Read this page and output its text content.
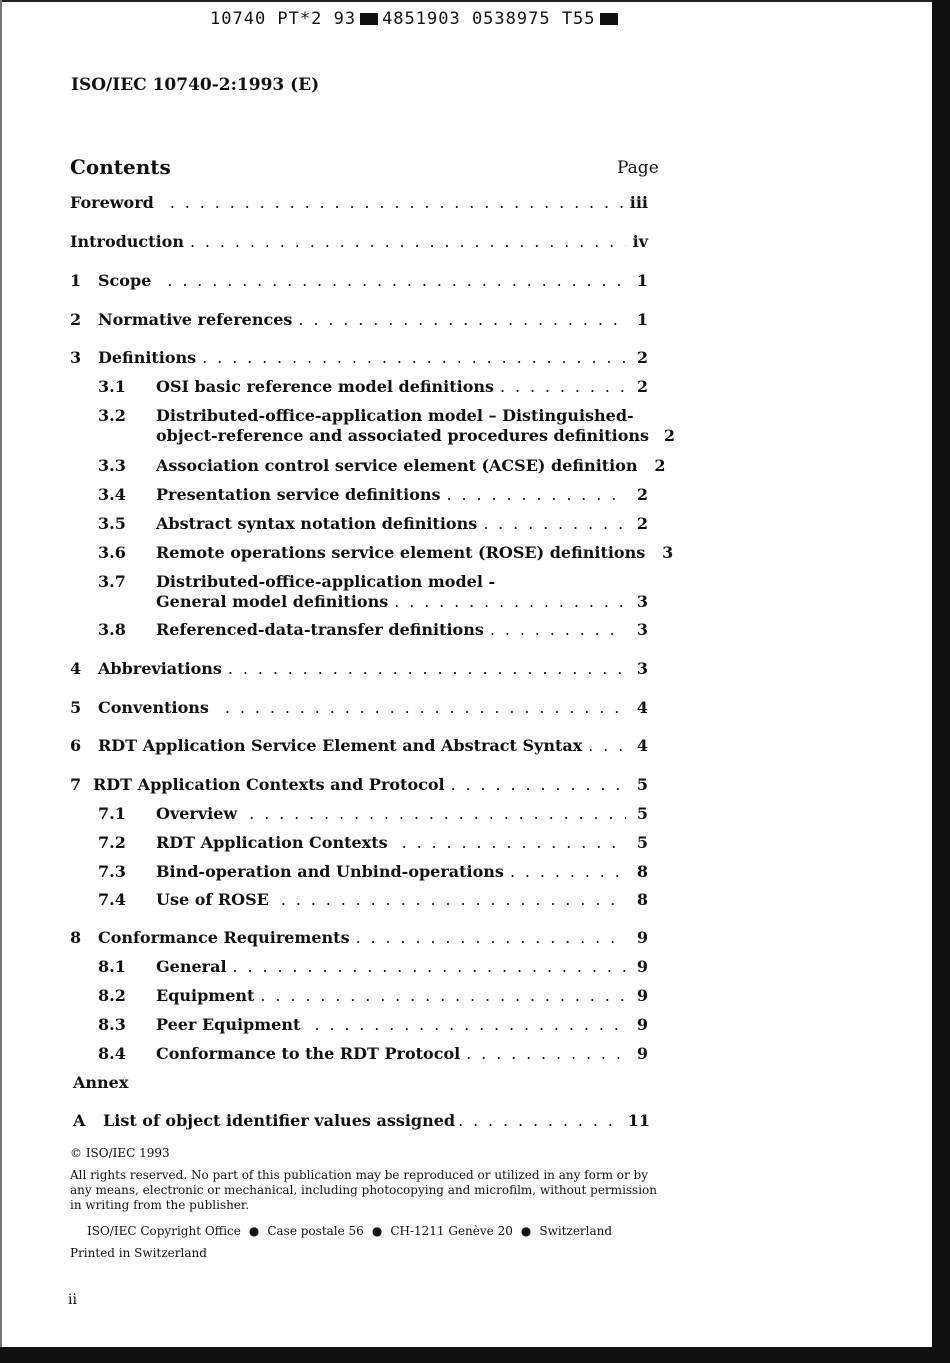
10740 PT*2 93 4851903 0538975 T55
ISO/IEC 10740-2:1993 (E)
Contents	Page
Foreword . . .	iii
Introduction . . .	iv
1	Scope . . .	1
2	Normative references . . .	1
3	Definitions . . .	2
3.1	OSI basic reference model definitions . . .	2
3.2	Distributed-office-application model – Distinguished-
object-reference and associated procedures definitions 2
3.3	Association control service element (ACSE) definition	2
3.4	Presentation service definitions . . .	2
3.5	Abstract syntax notation definitions . . .	2
3.6	Remote operations service element (ROSE) definitions	3
3.7	Distributed-office-application model -
General model definitions . . .	3
3.8	Referenced-data-transfer definitions . . .	3
4	Abbreviations . . .	3
5	Conventions . . .	4
6	RDT Application Service Element and Abstract Syntax . . .	4
7 RDT Application Contexts and Protocol . . .	5
7.1	Overview . . .	5
7.2	RDT Application Contexts . . .	5
7.3	Bind-operation and Unbind-operations . . .	8
7.4	Use of ROSE . . .	8
8	Conformance Requirements . . .	9
8.1	General . . .	9
8.2	Equipment . . .	9
8.3	Peer Equipment . . .	9
8.4	Conformance to the RDT Protocol . . .	9
A	List of object identifier values assigned . . .	11
Annex
© ISO/IEC 1993
All rights reserved. No part of this publication may be reproduced or utilized in any form or by any means, electronic or mechanical, including photocopying and microfilm, without permission in writing from the publisher.
ISO/IEC Copyright Office ● Case postale 56 ● CH-1211 Genève 20 ● Switzerland
Printed in Switzerland
ii
